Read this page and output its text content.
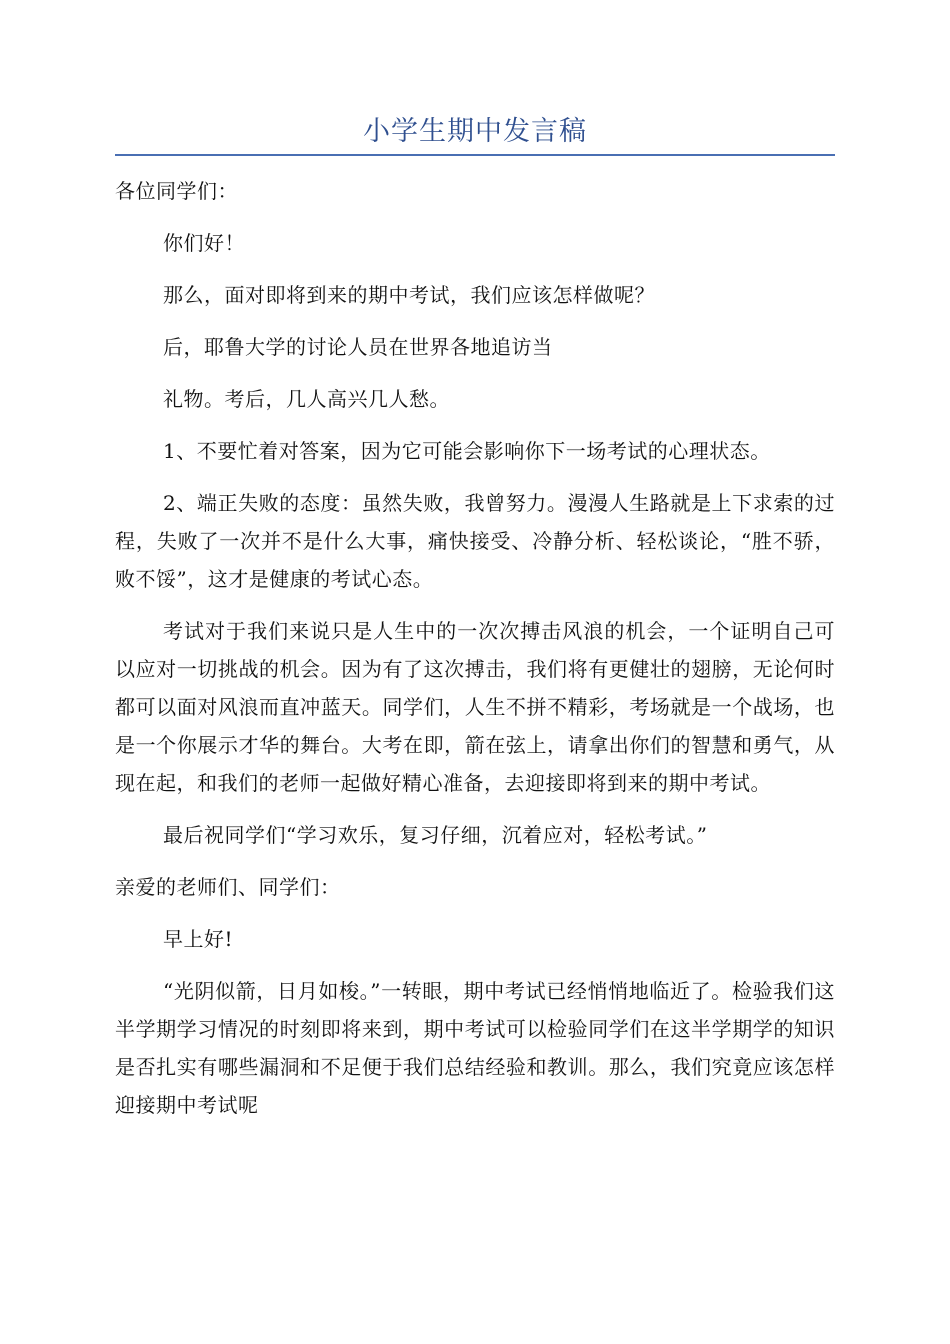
小学生期中发言稿

各位同学们：

你们好！

那么，面对即将到来的期中考试，我们应该怎样做呢？

后，耶鲁大学的讨论人员在世界各地追访当

礼物。考后，几人高兴几人愁。

1、不要忙着对答案，因为它可能会影响你下一场考试的心理状态。

2、端正失败的态度：虽然失败，我曾努力。漫漫人生路就是上下求索的过程，失败了一次并不是什么大事，痛快接受、冷静分析、轻松谈论，“胜不骄，败不馁”，这才是健康的考试心态。

考试对于我们来说只是人生中的一次次搏击风浪的机会，一个证明自己可以应对一切挑战的机会。因为有了这次搏击，我们将有更健壮的翅膀，无论何时都可以面对风浪而直冲蓝天。同学们，人生不拼不精彩，考场就是一个战场，也是一个你展示才华的舞台。大考在即，箭在弦上，请拿出你们的智慧和勇气，从现在起，和我们的老师一起做好精心准备，去迎接即将到来的期中考试。

最后祝同学们“学习欢乐，复习仔细，沉着应对，轻松考试。”

亲爱的老师们、同学们：

早上好!

“光阴似箭，日月如梭。”一转眼，期中考试已经悄悄地临近了。检验我们这半学期学习情况的时刻即将来到，期中考试可以检验同学们在这半学期学的知识是否扎实有哪些漏洞和不足便于我们总结经验和教训。那么，我们究竟应该怎样迎接期中考试呢
